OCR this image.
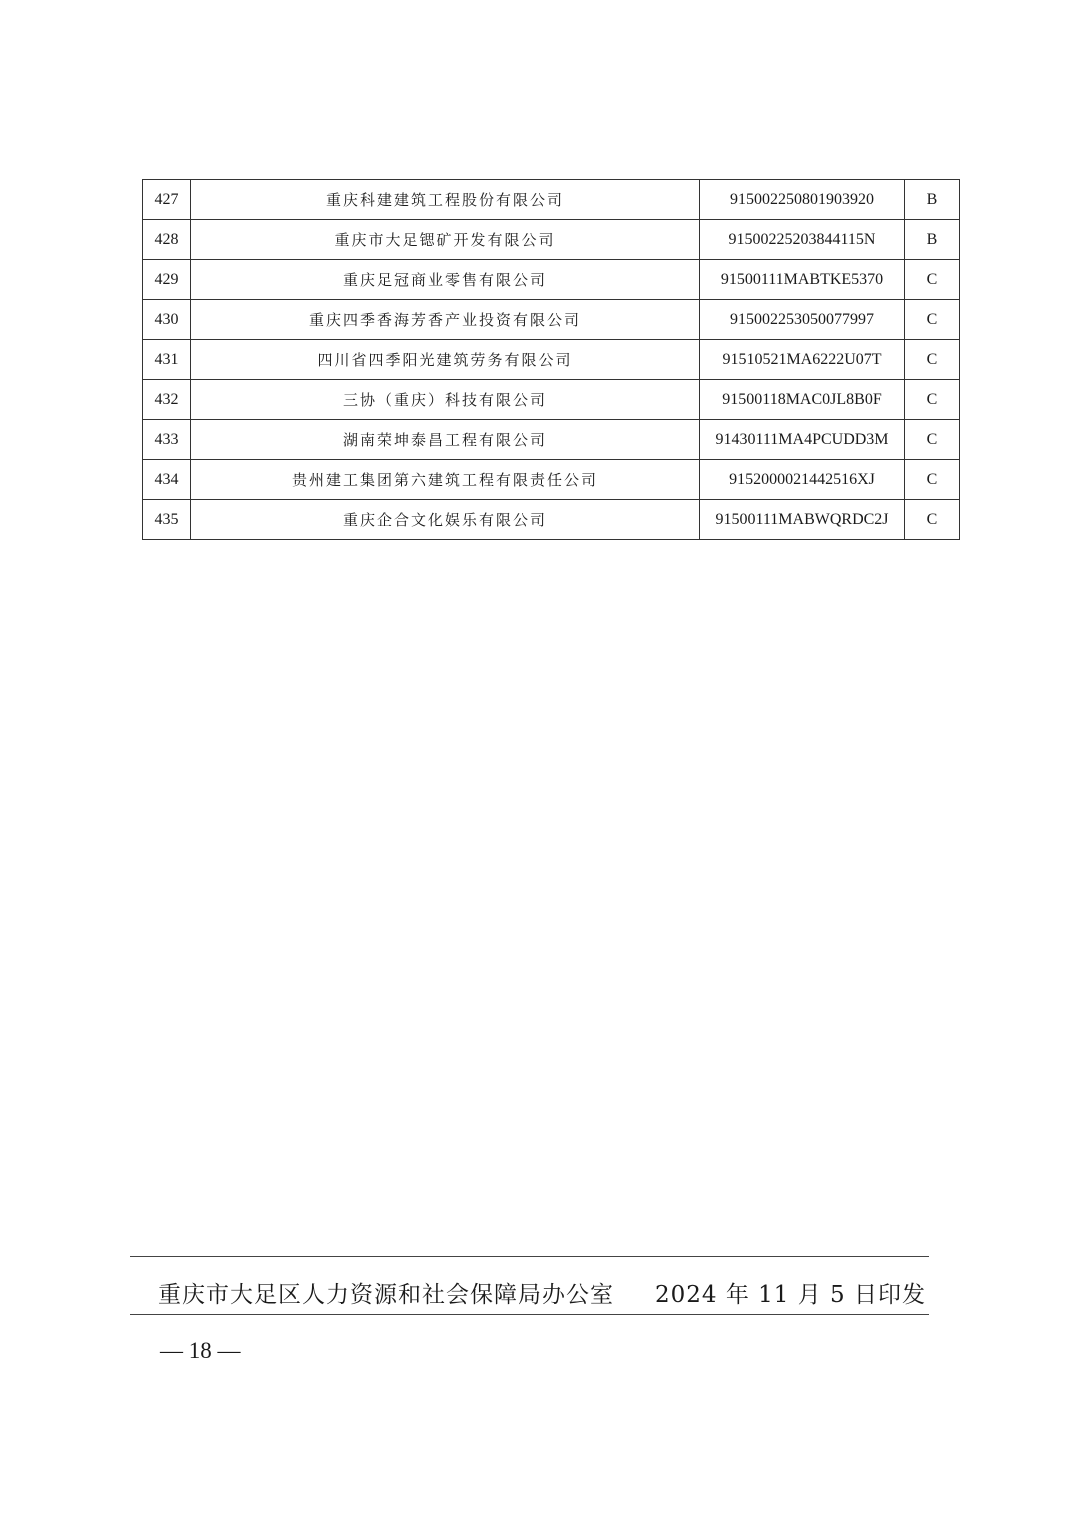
427	重庆科建建筑工程股份有限公司	915002250801903920	B
428	重庆市大足锶矿开发有限公司	91500225203844115N	B
429	重庆足冠商业零售有限公司	91500111MABTKE5370	C
430	重庆四季香海芳香产业投资有限公司	915002253050077997	C
431	四川省四季阳光建筑劳务有限公司	91510521MA6222U07T	C
432	三协（重庆）科技有限公司	91500118MAC0JL8B0F	C
433	湖南荣坤泰昌工程有限公司	91430111MA4PCUDD3M	C
434	贵州建工集团第六建筑工程有限责任公司	9152000021442516XJ	C
435	重庆企合文化娱乐有限公司	91500111MABWQRDC2J	C
重庆市大足区人力资源和社会保障局办公室 2024 年 11 月 5 日印发
— 18 —
